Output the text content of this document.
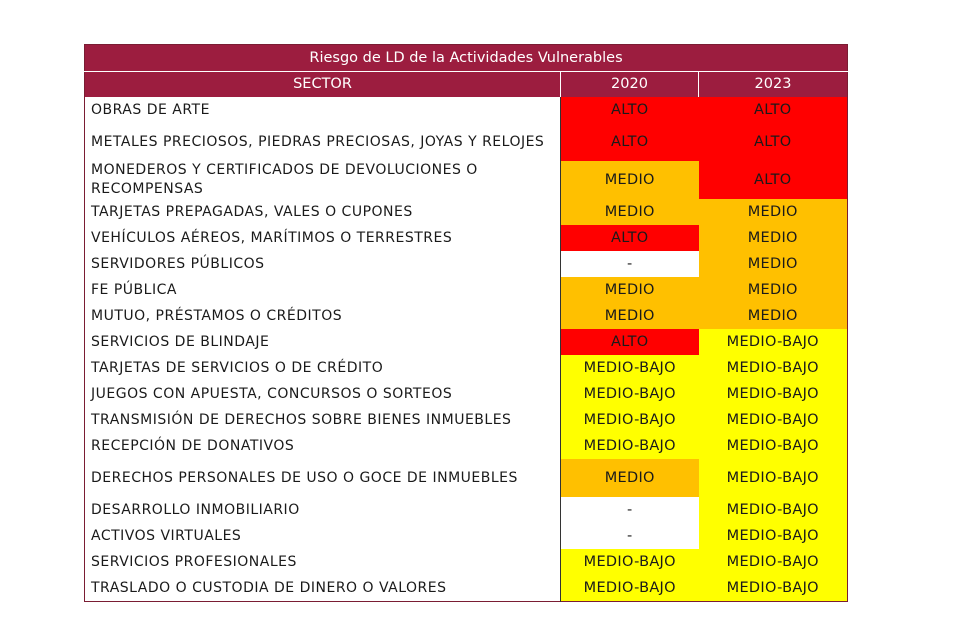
Riesgo de LD de la Actividades Vulnerables		
SECTOR	2020	2023
OBRAS DE ARTE	ALTO	ALTO
METALES PRECIOSOS, PIEDRAS PRECIOSAS, JOYAS Y RELOJES	ALTO	ALTO
MONEDEROS Y CERTIFICADOS DE DEVOLUCIONES O RECOMPENSAS	MEDIO	ALTO
TARJETAS PREPAGADAS, VALES O CUPONES	MEDIO	MEDIO
VEHÍCULOS AÉREOS, MARÍTIMOS O TERRESTRES	ALTO	MEDIO
SERVIDORES PÚBLICOS	-	MEDIO
FE PÚBLICA	MEDIO	MEDIO
MUTUO, PRÉSTAMOS O CRÉDITOS	MEDIO	MEDIO
SERVICIOS DE BLINDAJE	ALTO	MEDIO-BAJO
TARJETAS DE SERVICIOS O DE CRÉDITO	MEDIO-BAJO	MEDIO-BAJO
JUEGOS CON APUESTA, CONCURSOS O SORTEOS	MEDIO-BAJO	MEDIO-BAJO
TRANSMISIÓN DE DERECHOS SOBRE BIENES INMUEBLES	MEDIO-BAJO	MEDIO-BAJO
RECEPCIÓN DE DONATIVOS	MEDIO-BAJO	MEDIO-BAJO
DERECHOS PERSONALES DE USO O GOCE DE INMUEBLES	MEDIO	MEDIO-BAJO
DESARROLLO INMOBILIARIO	-	MEDIO-BAJO
ACTIVOS VIRTUALES	-	MEDIO-BAJO
SERVICIOS PROFESIONALES	MEDIO-BAJO	MEDIO-BAJO
TRASLADO O CUSTODIA DE DINERO O VALORES	MEDIO-BAJO	MEDIO-BAJO
